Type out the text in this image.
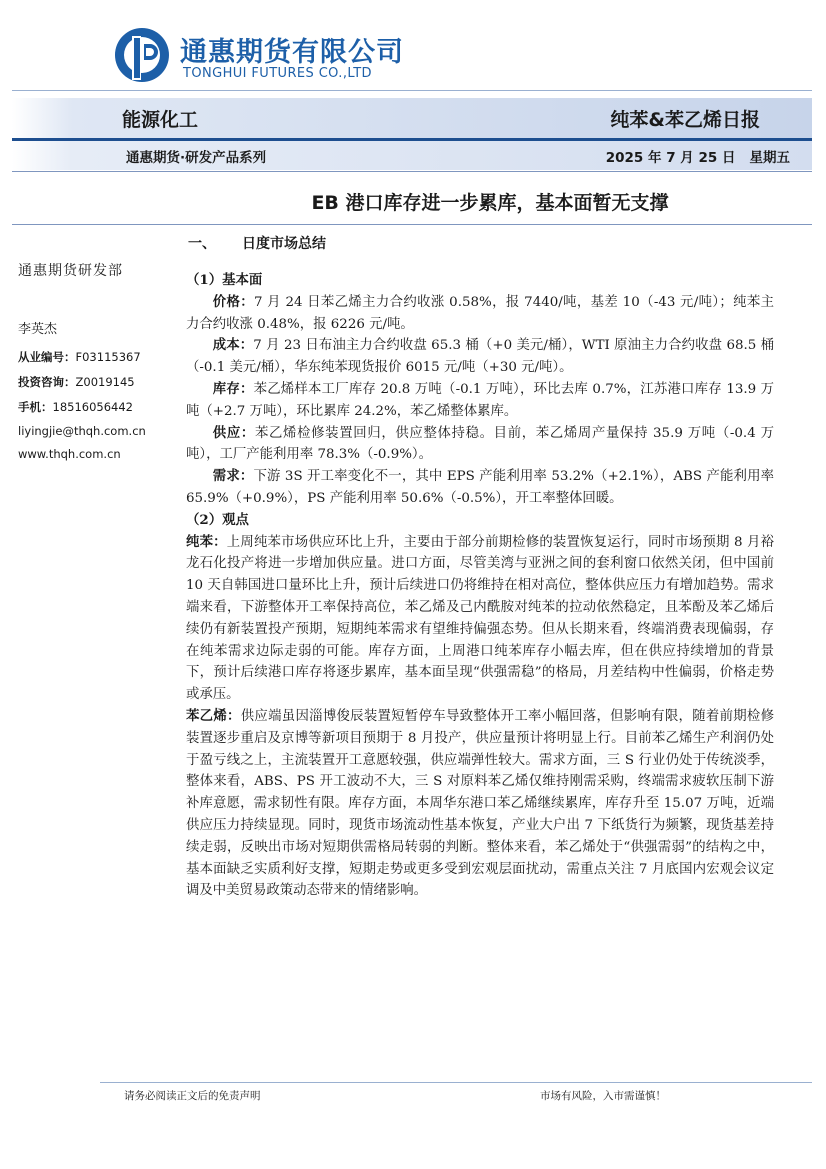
通惠期货有限公司
TONGHUI FUTURES CO.,LTD
能源化工	纯苯&苯乙烯日报
通惠期货·研发产品系列	2025 年 7 月 25 日 星期五
EB 港口库存进一步累库，基本面暂无支撑
通惠期货研发部
李英杰
从业编号：F03115367
投资咨询：Z0019145
手机：18516056442
liyingjie@thqh.com.cn
www.thqh.com.cn
一、 日度市场总结

（1）基本面

价格：7 月 24 日苯乙烯主力合约收涨 0.58%，报 7440/吨，基差 10（-43 元/吨）；纯苯主力合约收涨 0.48%，报 6226 元/吨。

成本：7 月 23 日布油主力合约收盘 65.3 桶（+0 美元/桶），WTI 原油主力合约收盘 68.5 桶（-0.1 美元/桶），华东纯苯现货报价 6015 元/吨（+30 元/吨）。

库存：苯乙烯样本工厂库存 20.8 万吨（-0.1 万吨），环比去库 0.7%，江苏港口库存 13.9 万吨（+2.7 万吨），环比累库 24.2%，苯乙烯整体累库。

供应：苯乙烯检修装置回归，供应整体持稳。目前，苯乙烯周产量保持 35.9 万吨（-0.4 万吨），工厂产能利用率 78.3%（-0.9%）。

需求：下游 3S 开工率变化不一，其中 EPS 产能利用率 53.2%（+2.1%），ABS 产能利用率 65.9%（+0.9%），PS 产能利用率 50.6%（-0.5%），开工率整体回暖。

（2）观点

纯苯：上周纯苯市场供应环比上升，主要由于部分前期检修的装置恢复运行，同时市场预期 8 月裕龙石化投产将进一步增加供应量。进口方面，尽管美湾与亚洲之间的套利窗口依然关闭，但中国前 10 天自韩国进口量环比上升，预计后续进口仍将维持在相对高位，整体供应压力有增加趋势。需求端来看，下游整体开工率保持高位，苯乙烯及己内酰胺对纯苯的拉动依然稳定，且苯酚及苯乙烯后续仍有新装置投产预期，短期纯苯需求有望维持偏强态势。但从长期来看，终端消费表现偏弱，存在纯苯需求边际走弱的可能。库存方面，上周港口纯苯库存小幅去库，但在供应持续增加的背景下，预计后续港口库存将逐步累库，基本面呈现“供强需稳”的格局，月差结构中性偏弱，价格走势或承压。

苯乙烯：供应端虽因淄博俊辰装置短暂停车导致整体开工率小幅回落，但影响有限，随着前期检修装置逐步重启及京博等新项目预期于 8 月投产，供应量预计将明显上行。目前苯乙烯生产利润仍处于盈亏线之上，主流装置开工意愿较强，供应端弹性较大。需求方面，三 S 行业仍处于传统淡季，整体来看，ABS、PS 开工波动不大，三 S 对原料苯乙烯仅维持刚需采购，终端需求疲软压制下游补库意愿，需求韧性有限。库存方面，本周华东港口苯乙烯继续累库，库存升至 15.07 万吨，近端供应压力持续显现。同时，现货市场流动性基本恢复，产业大户出 7 下纸货行为频繁，现货基差持续走弱，反映出市场对短期供需格局转弱的判断。整体来看，苯乙烯处于“供强需弱”的结构之中，基本面缺乏实质利好支撑，短期走势或更多受到宏观层面扰动，需重点关注 7 月底国内宏观会议定调及中美贸易政策动态带来的情绪影响。

请务必阅读正文后的免责声明	市场有风险，入市需谨慎！
